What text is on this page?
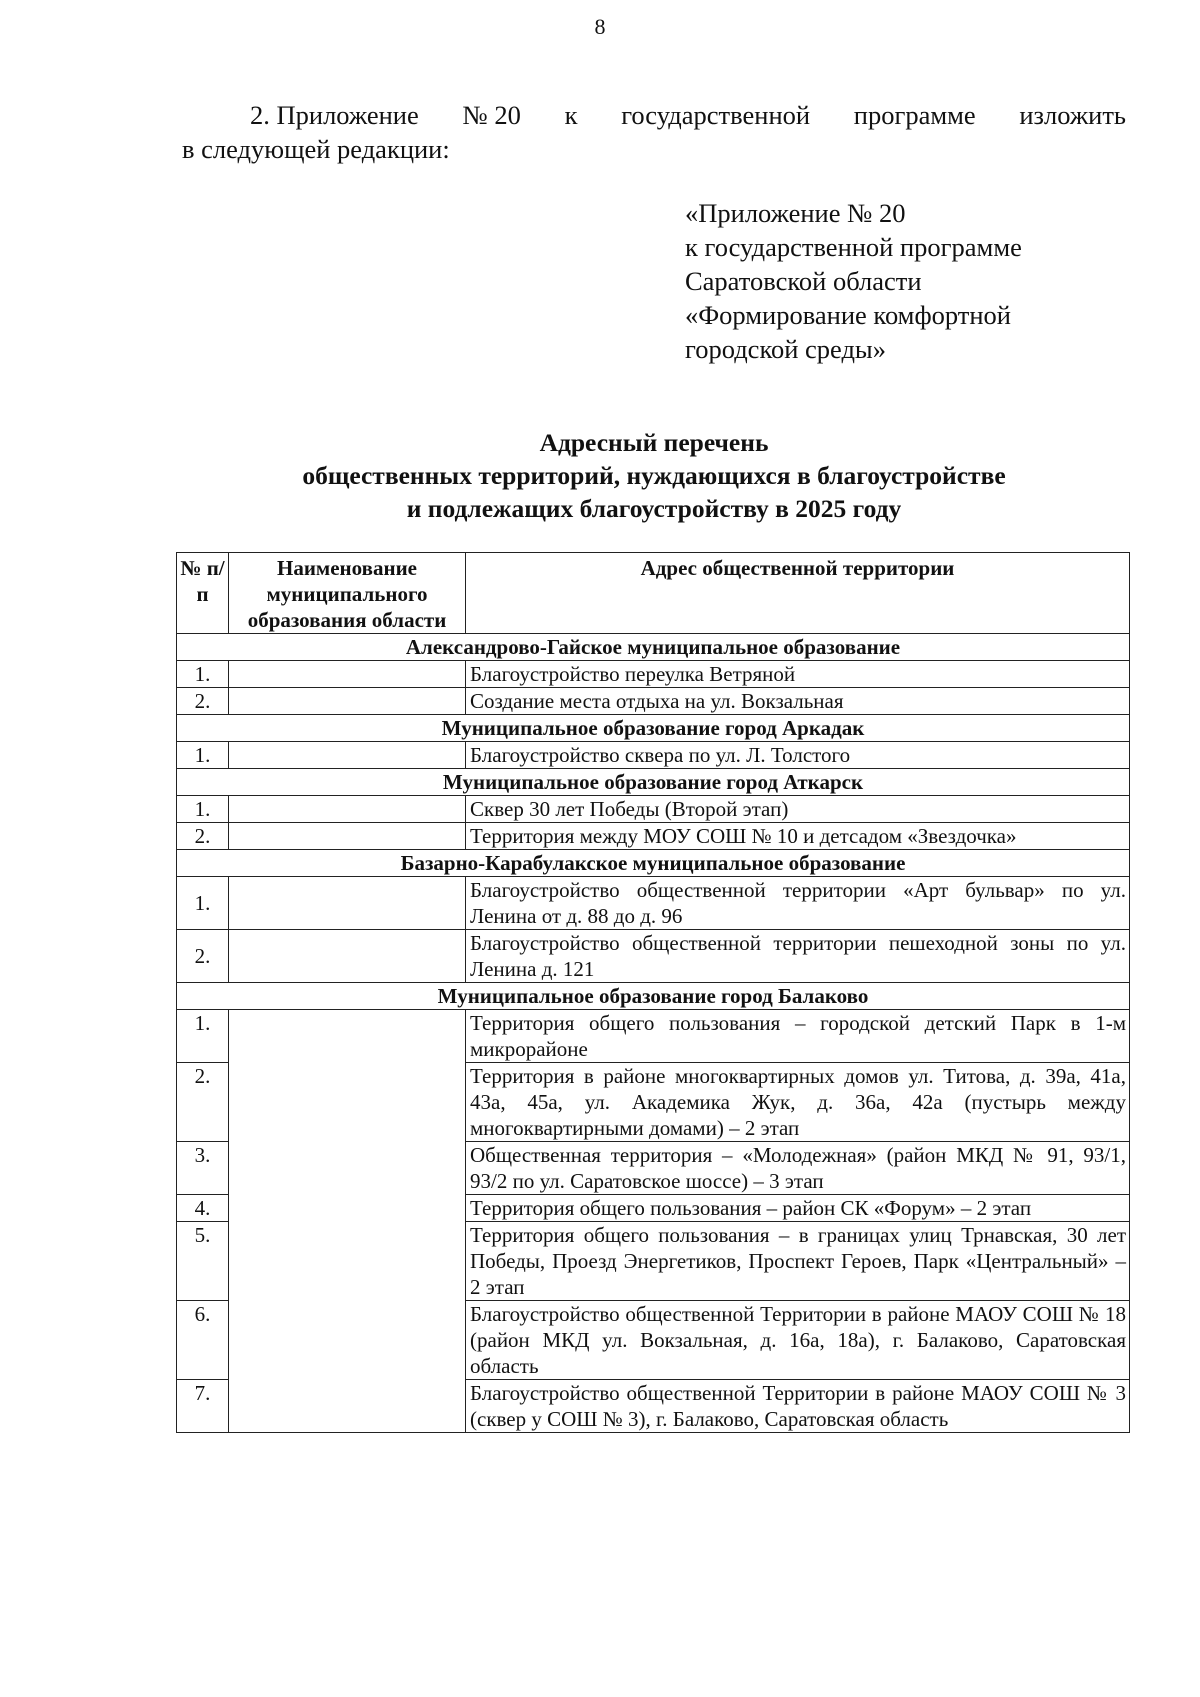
8
2. Приложение № 20 к государственной программе изложить
в следующей редакции:
«Приложение № 20
к государственной программе
Саратовской области
«Формирование комфортной
городской среды»
Адресный перечень
общественных территорий, нуждающихся в благоустройстве
и подлежащих благоустройству в 2025 году
№ п/п	Наименование муниципального образования области	Адрес общественной территории
Александрово-Гайское муниципальное образование		
1.		Благоустройство переулка Ветряной
2.		Создание места отдыха на ул. Вокзальная
Муниципальное образование город Аркадак		
1.		Благоустройство сквера по ул. Л. Толстого
Муниципальное образование город Аткарск		
1.		Сквер 30 лет Победы (Второй этап)
2.		Территория между МОУ СОШ № 10 и детсадом «Звездочка»
Базарно-Карабулакское муниципальное образование		
1.		Благоустройство общественной территории «Арт бульвар» по ул. Ленина от д. 88 до д. 96
2.		Благоустройство общественной территории пешеходной зоны по ул. Ленина д. 121
Муниципальное образование город Балаково		
1.		Территория общего пользования – городской детский Парк в 1-м микрорайоне
2.		Территория в районе многоквартирных домов ул. Титова, д. 39а, 41а, 43а, 45а, ул. Академика Жук, д. 36а, 42а (пустырь между многоквартирными домами) – 2 этап
3.		Общественная территория – «Молодежная» (район МКД № 91, 93/1, 93/2 по ул. Саратовское шоссе) – 3 этап
4.		Территория общего пользования – район СК «Форум» – 2 этап
5.		Территория общего пользования – в границах улиц Трнавская, 30 лет Победы, Проезд Энергетиков, Проспект Героев, Парк «Центральный» – 2 этап
6.		Благоустройство общественной Территории в районе МАОУ СОШ № 18 (район МКД ул. Вокзальная, д. 16а, 18а), г. Балаково, Саратовская область
7.		Благоустройство общественной Территории в районе МАОУ СОШ № 3 (сквер у СОШ № 3), г. Балаково, Саратовская область
